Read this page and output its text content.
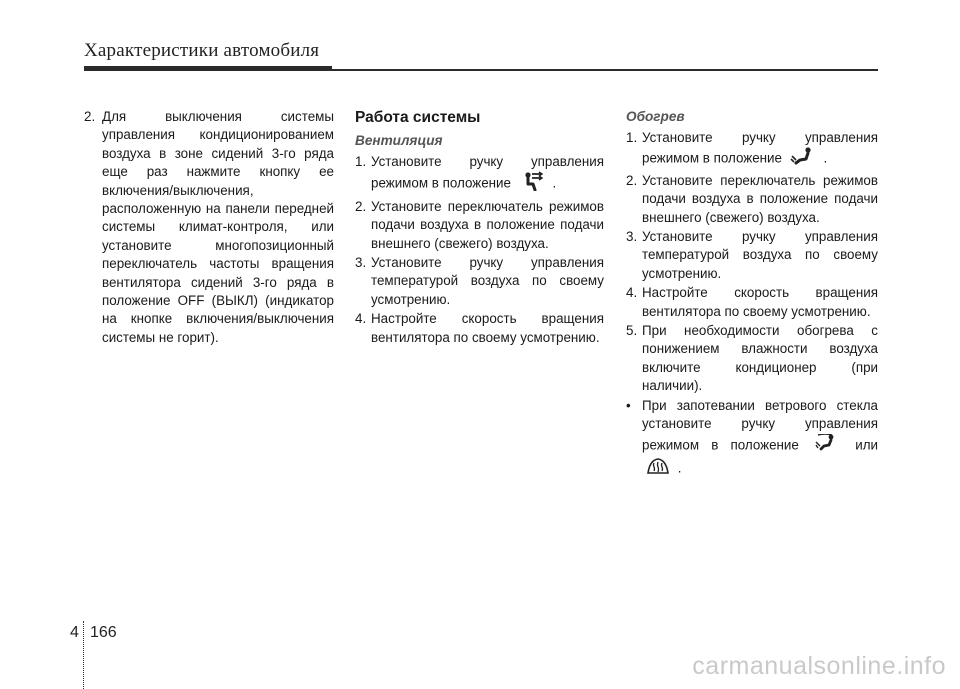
Характеристики автомобиля
2. Для выключения системы управления кондиционированием воздуха в зоне сидений 3-го ряда еще раз нажмите кнопку ее включения/выключения, расположенную на панели передней системы климат-контроля, или установите многопозиционный переключатель частоты вращения вентилятора сидений 3-го ряда в положение OFF (ВЫКЛ) (индикатор на кнопке включения/выключения системы не горит).
Работа системы
Вентиляция
1. Установите ручку управления режимом в положение	.
2. Установите переключатель режимов подачи воздуха в положение подачи внешнего (свежего) воздуха.
3. Установите ручку управления температурой воздуха по своему усмотрению.
4. Настройте скорость вращения вентилятора по своему усмотрению.
Обогрев
1. Установите ручку управления режимом в положение	.
2. Установите переключатель режимов подачи воздуха в положение подачи внешнего (свежего) воздуха.
3. Установите ручку управления температурой воздуха по своему усмотрению.
4. Настройте скорость вращения вентилятора по своему усмотрению.
5. При необходимости обогрева с понижением влажности воздуха включите кондиционер (при наличии).
• При запотевании ветрового стекла установите ручку управления режимом в положение	или  .
4 166
carmanualsonline.info
